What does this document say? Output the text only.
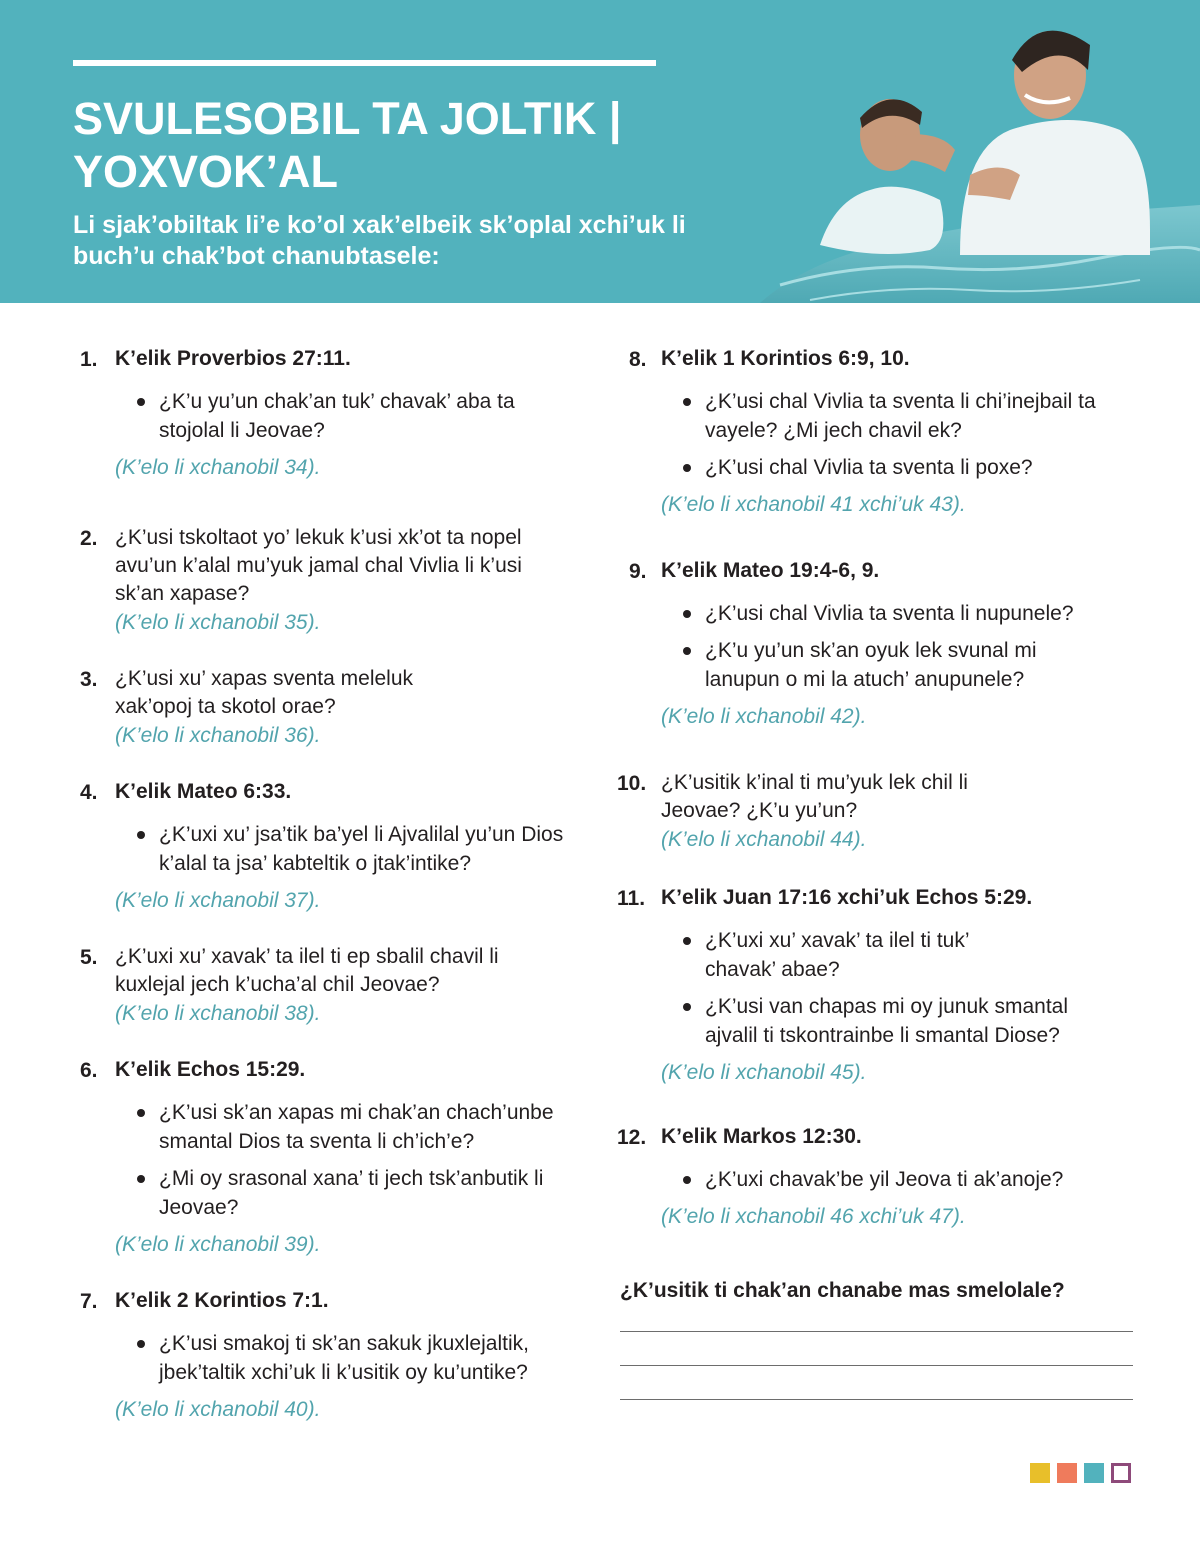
SVULESOBIL TA JOLTIK | YOXVOK’AL

Li sjak’obiltak li’e ko’ol xak’elbeik sk’oplal xchi’uk li buch’u chak’bot chanubtasele:

1. K’elik Proverbios 27:11.
¿K’u yu’un chak’an tuk’ chavak’ aba ta stojolal li Jeovae?
(K’elo li xchanobil 34).
2. ¿K’usi tskoltaot yo’ lekuk k’usi xk’ot ta nopel avu’un k’alal mu’yuk jamal chal Vivlia li k’usi sk’an xapase?
(K’elo li xchanobil 35).
3. ¿K’usi xu’ xapas sventa meleluk xak’opoj ta skotol orae?
(K’elo li xchanobil 36).
4. K’elik Mateo 6:33.
¿K’uxi xu’ jsa’tik ba’yel li Ajvalilal yu’un Dios k’alal ta jsa’ kabteltik o jtak’intike?
(K’elo li xchanobil 37).
5. ¿K’uxi xu’ xavak’ ta ilel ti ep sbalil chavil li kuxlejal jech k’ucha’al chil Jeovae?
(K’elo li xchanobil 38).
6. K’elik Echos 15:29.
¿K’usi sk’an xapas mi chak’an chach’unbe smantal Dios ta sventa li ch’ich’e?
¿Mi oy srasonal xana’ ti jech tsk’anbutik li Jeovae?
(K’elo li xchanobil 39).
7. K’elik 2 Korintios 7:1.
¿K’usi smakoj ti sk’an sakuk jkuxlejaltik, jbek’taltik xchi’uk li k’usitik oy ku’untike?
(K’elo li xchanobil 40).
8. K’elik 1 Korintios 6:9, 10.
¿K’usi chal Vivlia ta sventa li chi’inejbail ta vayele? ¿Mi jech chavil ek?
¿K’usi chal Vivlia ta sventa li poxe?
(K’elo li xchanobil 41 xchi’uk 43).
9. K’elik Mateo 19:4-6, 9.
¿K’usi chal Vivlia ta sventa li nupunele?
¿K’u yu’un sk’an oyuk lek svunal mi lanupun o mi la atuch’ anupunele?
(K’elo li xchanobil 42).
10. ¿K’usitik k’inal ti mu’yuk lek chil li Jeovae? ¿K’u yu’un?
(K’elo li xchanobil 44).
11. K’elik Juan 17:16 xchi’uk Echos 5:29.
¿K’uxi xu’ xavak’ ta ilel ti tuk’ chavak’ abae?
¿K’usi van chapas mi oy junuk smantal ajvalil ti tskontrainbe li smantal Diose?
(K’elo li xchanobil 45).
12. K’elik Markos 12:30.
¿K’uxi chavak’be yil Jeova ti ak’anoje?
(K’elo li xchanobil 46 xchi’uk 47).

¿K’usitik ti chak’an chanabe mas smelolale?
